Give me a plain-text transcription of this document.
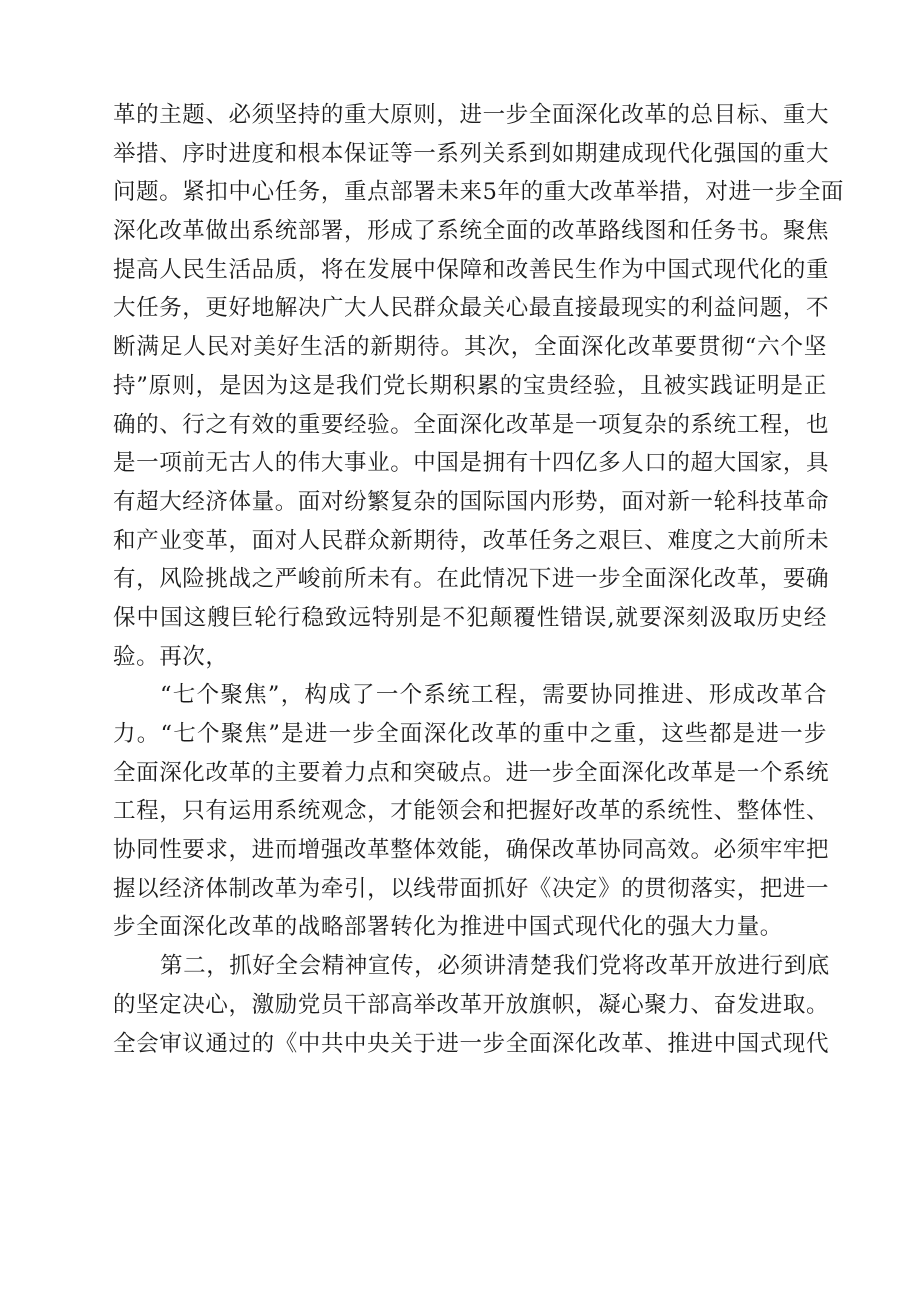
革的主题、必须坚持的重大原则，进一步全面深化改革的总目标、重大
举措、序时进度和根本保证等一系列关系到如期建成现代化强国的重大
问题。紧扣中心任务，重点部署未来5年的重大改革举措，对进一步全面
深化改革做出系统部署，形成了系统全面的改革路线图和任务书。聚焦
提高人民生活品质，将在发展中保障和改善民生作为中国式现代化的重
大任务，更好地解决广大人民群众最关心最直接最现实的利益问题，不
断满足人民对美好生活的新期待。其次，全面深化改革要贯彻“六个坚
持”原则，是因为这是我们党长期积累的宝贵经验，且被实践证明是正
确的、行之有效的重要经验。全面深化改革是一项复杂的系统工程，也
是一项前无古人的伟大事业。中国是拥有十四亿多人口的超大国家，具
有超大经济体量。面对纷繁复杂的国际国内形势，面对新一轮科技革命
和产业变革，面对人民群众新期待，改革任务之艰巨、难度之大前所未
有，风险挑战之严峻前所未有。在此情况下进一步全面深化改革，要确
保中国这艘巨轮行稳致远特别是不犯颠覆性错误,就要深刻汲取历史经
验。再次，
“七个聚焦”，构成了一个系统工程，需要协同推进、形成改革合
力。“七个聚焦”是进一步全面深化改革的重中之重，这些都是进一步
全面深化改革的主要着力点和突破点。进一步全面深化改革是一个系统
工程，只有运用系统观念，才能领会和把握好改革的系统性、整体性、
协同性要求，进而增强改革整体效能，确保改革协同高效。必须牢牢把
握以经济体制改革为牵引，以线带面抓好《决定》的贯彻落实，把进一
步全面深化改革的战略部署转化为推进中国式现代化的强大力量。
第二，抓好全会精神宣传，必须讲清楚我们党将改革开放进行到底
的坚定决心，激励党员干部高举改革开放旗帜，凝心聚力、奋发进取。
全会审议通过的《中共中央关于进一步全面深化改革、推进中国式现代
